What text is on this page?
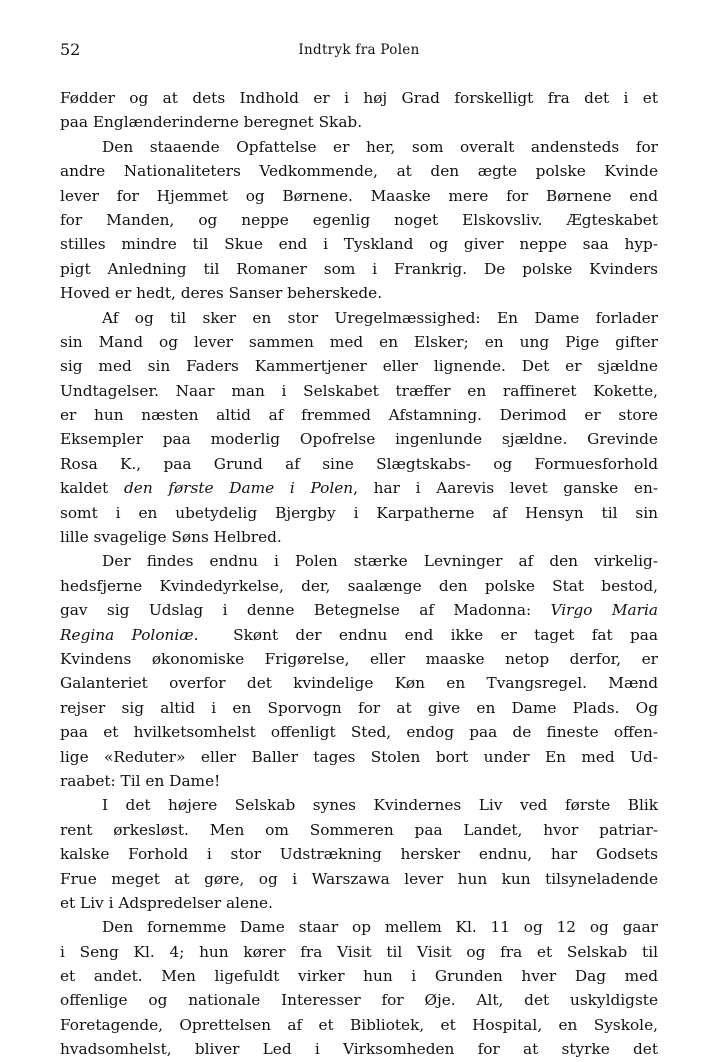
52	Indtryk fra Polen
Fødder og at dets Indhold er i høj Grad forskelligt fra det i et
paa Englænderinderne beregnet Skab.
Den staaende Opfattelse er her, som overalt andensteds for
andre Nationaliteters Vedkommende, at den ægte polske Kvinde
lever for Hjemmet og Børnene. Maaske mere for Børnene end
for Manden, og neppe egenlig noget Elskovsliv. Ægteskabet
stilles mindre til Skue end i Tyskland og giver neppe saa hyp-
pigt Anledning til Romaner som i Frankrig. De polske Kvinders
Hoved er hedt, deres Sanser beherskede.
Af og til sker en stor Uregelmæssighed: En Dame forlader
sin Mand og lever sammen med en Elsker; en ung Pige gifter
sig med sin Faders Kammertjener eller lignende. Det er sjældne
Undtagelser. Naar man i Selskabet træffer en raffineret Kokette,
er hun næsten altid af fremmed Afstamning. Derimod er store
Eksempler paa moderlig Opofrelse ingenlunde sjældne. Grevinde
Rosa K., paa Grund af sine Slægtskabs- og Formuesforhold
kaldet den første Dame i Polen, har i Aarevis levet ganske en-
somt i en ubetydelig Bjergby i Karpatherne af Hensyn til sin
lille svagelige Søns Helbred.
Der findes endnu i Polen stærke Levninger af den virkelig-
hedsfjerne Kvindedyrkelse, der, saalænge den polske Stat bestod,
gav sig Udslag i denne Betegnelse af Madonna: Virgo Maria
Regina Poloniæ.  Skønt der endnu end ikke er taget fat paa
Kvindens økonomiske Frigørelse, eller maaske netop derfor, er
Galanteriet overfor det kvindelige Køn en Tvangsregel. Mænd
rejser sig altid i en Sporvogn for at give en Dame Plads. Og
paa et hvilketsomhelst offenligt Sted, endog paa de fineste offen-
lige «Reduter» eller Baller tages Stolen bort under En med Ud-
raabet: Til en Dame!
I det højere Selskab synes Kvindernes Liv ved første Blik
rent ørkesløst. Men om Sommeren paa Landet, hvor patriar-
kalske Forhold i stor Udstrækning hersker endnu, har Godsets
Frue meget at gøre, og i Warszawa lever hun kun tilsyneladende
et Liv i Adspredelser alene.
Den fornemme Dame staar op mellem Kl. 11 og 12 og gaar
i Seng Kl. 4; hun kører fra Visit til Visit og fra et Selskab til
et andet. Men ligefuldt virker hun i Grunden hver Dag med
offenlige og nationale Interesser for Øje. Alt, det uskyldigste
Foretagende, Oprettelsen af et Bibliotek, et Hospital, en Syskole,
hvadsomhelst, bliver Led i Virksomheden for at styrke det
